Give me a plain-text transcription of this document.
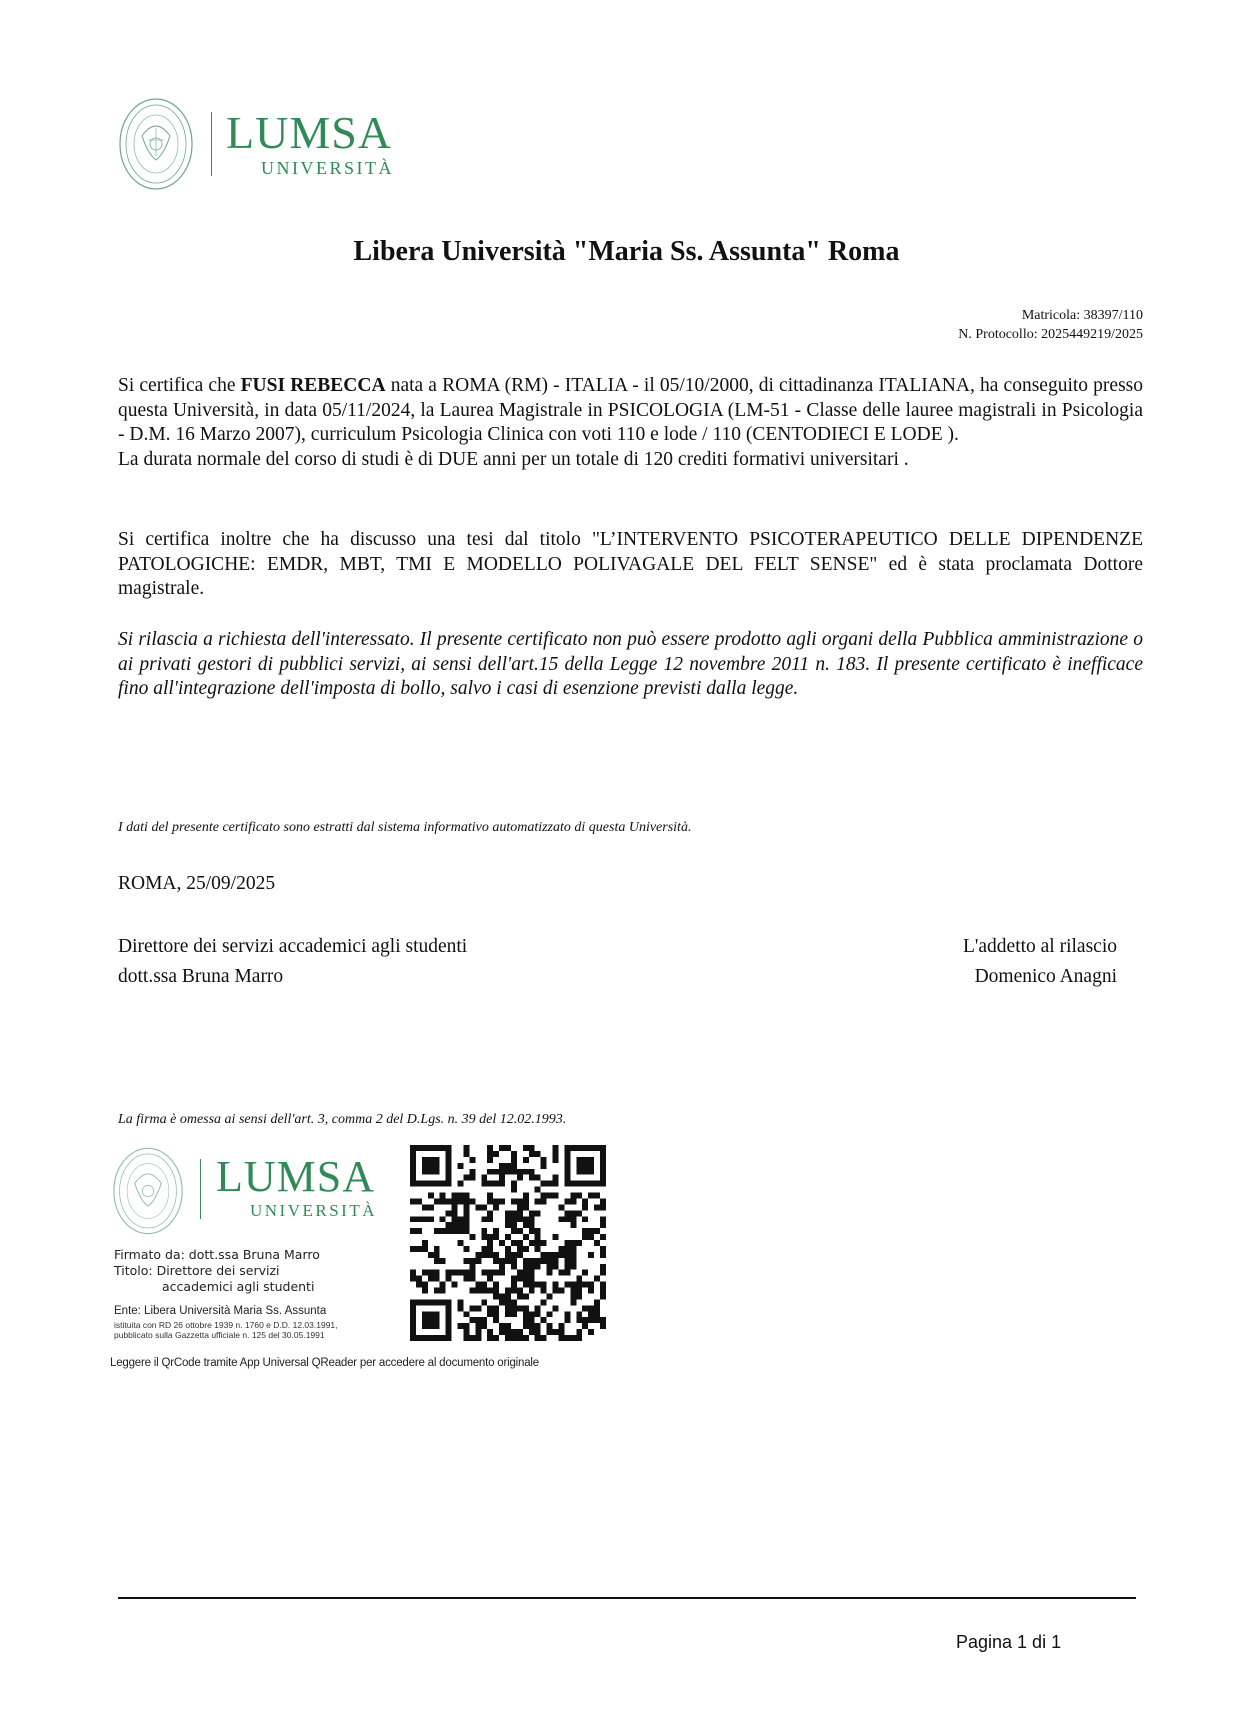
LUMSA
UNIVERSITÀ
Libera Università "Maria Ss. Assunta" Roma
Matricola: 38397/110
N. Protocollo: 2025449219/2025
Si certifica che FUSI REBECCA nata a ROMA (RM) - ITALIA - il 05/10/2000, di cittadinanza ITALIANA, ha conseguito presso questa Università, in data 05/11/2024, la Laurea Magistrale in PSICOLOGIA (LM-51 - Classe delle lauree magistrali in Psicologia - D.M. 16 Marzo 2007), curriculum Psicologia Clinica con voti 110 e lode / 110 (CENTODIECI E LODE ).
La durata normale del corso di studi è di DUE anni per un totale di 120 crediti formativi universitari .
Si certifica inoltre che ha discusso una tesi dal titolo "L’INTERVENTO PSICOTERAPEUTICO DELLE DIPENDENZE PATOLOGICHE: EMDR, MBT, TMI E MODELLO POLIVAGALE DEL FELT SENSE" ed è stata proclamata Dottore magistrale.
Si rilascia a richiesta dell'interessato. Il presente certificato non può essere prodotto agli organi della Pubblica amministrazione o ai privati gestori di pubblici servizi, ai sensi dell'art.15 della Legge 12 novembre 2011 n. 183. Il presente certificato è inefficace fino all'integrazione dell'imposta di bollo, salvo i casi di esenzione previsti dalla legge.
I dati del presente certificato sono estratti dal sistema informativo automatizzato di questa Università.
ROMA, 25/09/2025
Direttore dei servizi accademici agli studenti
dott.ssa Bruna Marro
L'addetto al rilascio
Domenico Anagni
La firma è omessa ai sensi dell'art. 3, comma 2 del D.Lgs. n. 39 del 12.02.1993.
LUMSA
UNIVERSITÀ
Firmato da: dott.ssa Bruna Marro
Titolo: Direttore dei servizi
accademici agli studenti
Ente: Libera Università Maria Ss. Assunta
istituita con RD 26 ottobre 1939 n. 1760 e D.D. 12.03.1991,
pubblicato sulla Gazzetta ufficiale n. 125 del 30.05.1991
Leggere il QrCode tramite App Universal QReader per accedere al documento originale
Pagina 1 di 1
